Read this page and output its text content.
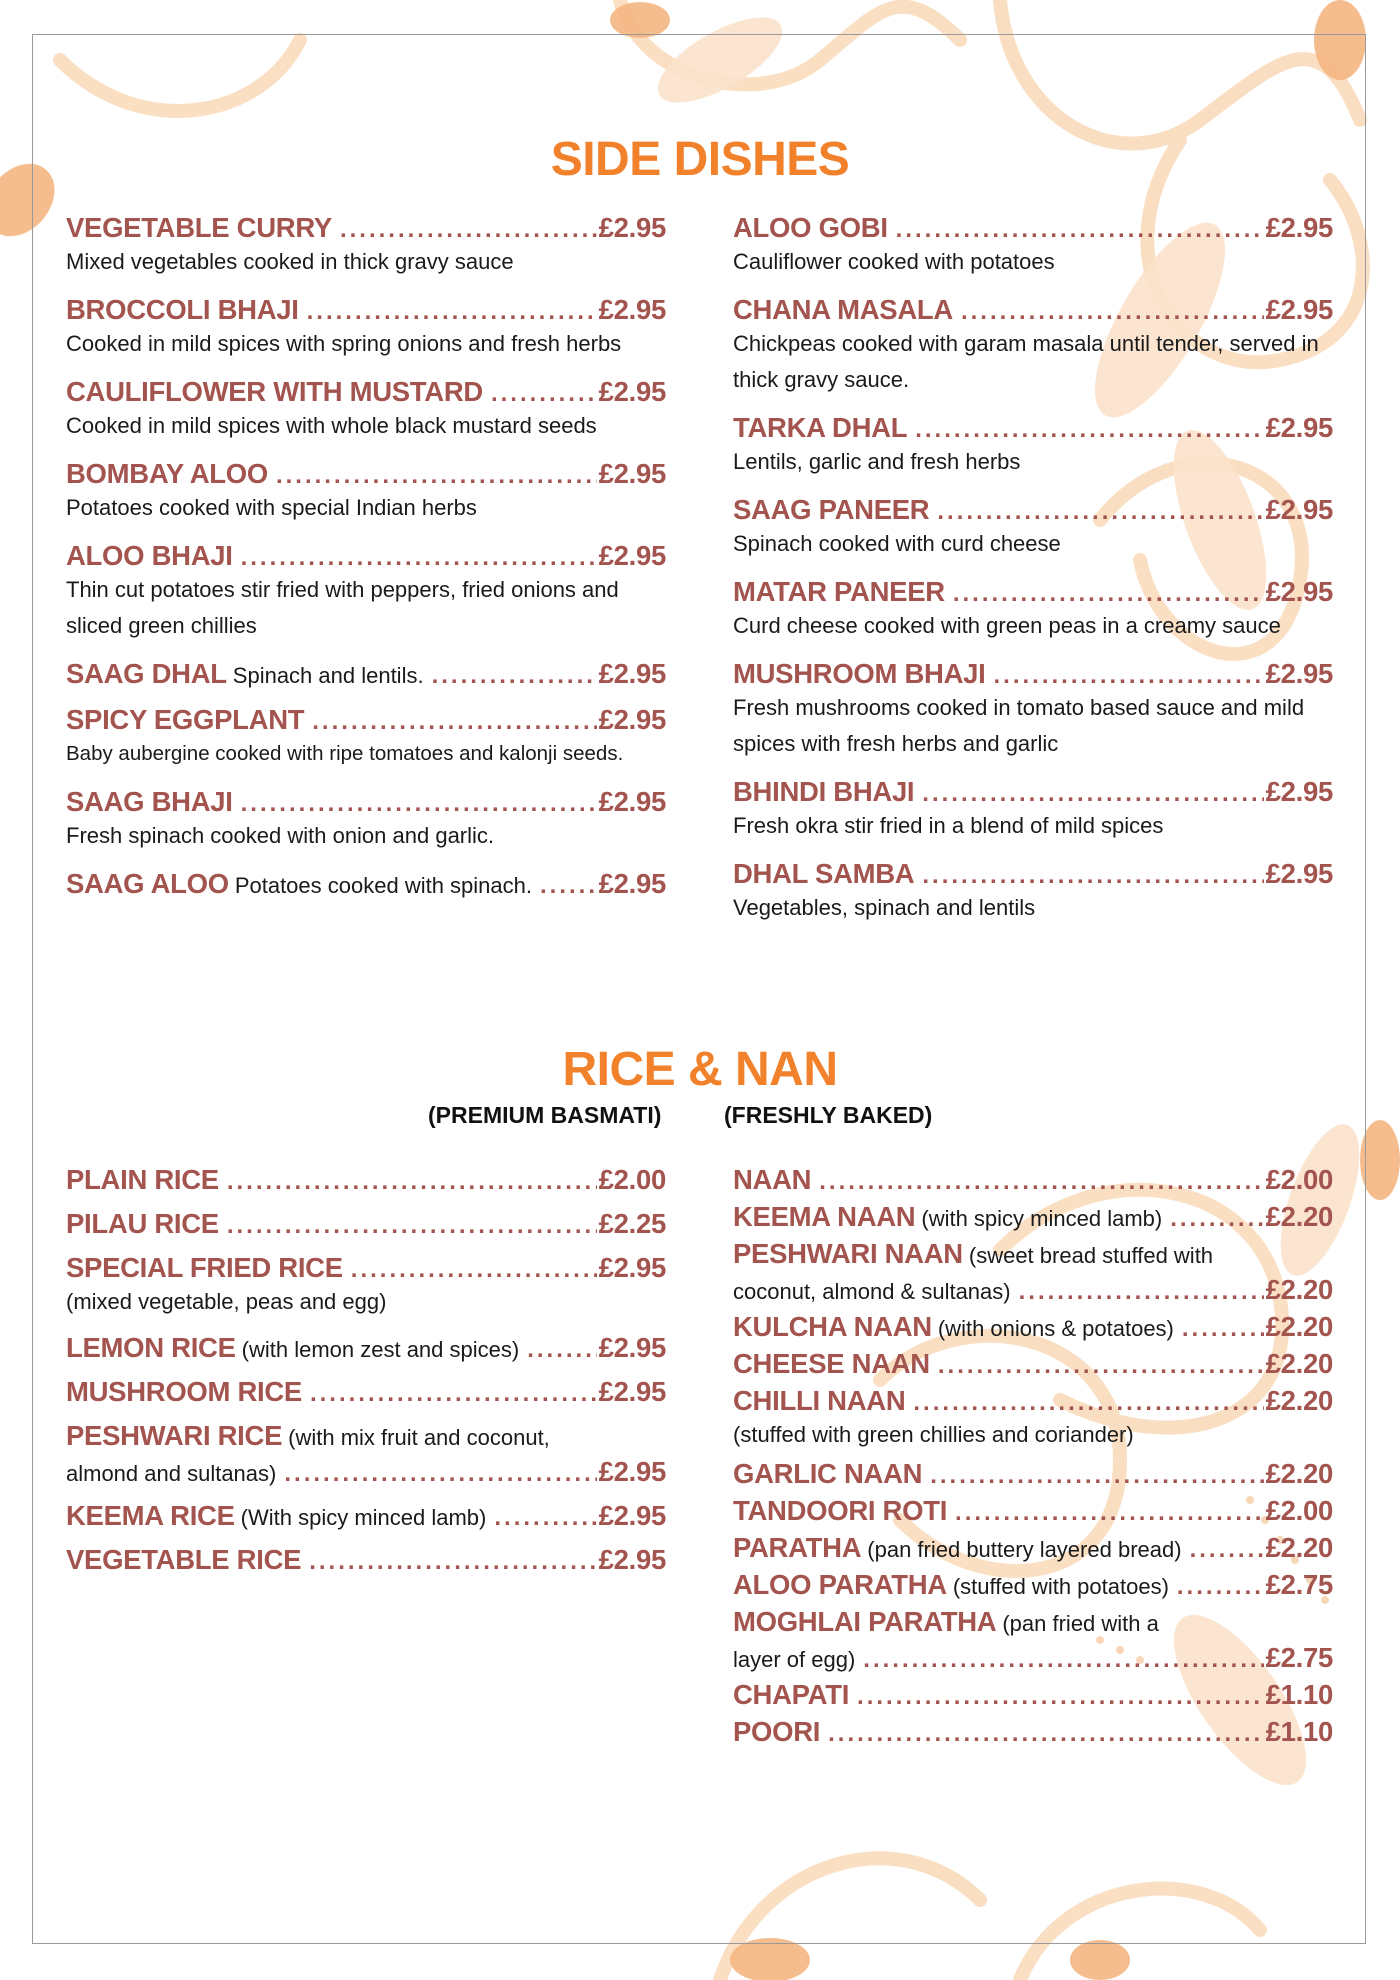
SIDE DISHES
VEGETABLE CURRY .....	£2.95
Mixed vegetables cooked in thick gravy sauce
BROCCOLI BHAJI .....	£2.95
Cooked in mild spices with spring onions and fresh herbs
CAULIFLOWER WITH MUSTARD .....	£2.95
Cooked in mild spices with whole black mustard seeds
BOMBAY ALOO .....	£2.95
Potatoes cooked with special Indian herbs
ALOO BHAJI .....	£2.95
Thin cut potatoes stir fried with peppers, fried onions and sliced green chillies
SAAG DHAL Spinach and lentils. .....	£2.95
SPICY EGGPLANT .....	£2.95
Baby aubergine cooked with ripe tomatoes and kalonji seeds.
SAAG BHAJI .....	£2.95
Fresh spinach cooked with onion and garlic.
SAAG ALOO Potatoes cooked with spinach. ..... £2.95
ALOO GOBI .....	£2.95
Cauliflower cooked with potatoes
CHANA MASALA .....	£2.95
Chickpeas cooked with garam masala until tender, served in thick gravy sauce.
TARKA DHAL .....	£2.95
Lentils, garlic and fresh herbs
SAAG PANEER .....	£2.95
Spinach cooked with curd cheese
MATAR PANEER .....	£2.95
Curd cheese cooked with green peas in a creamy sauce
MUSHROOM BHAJI .....	£2.95
Fresh mushrooms cooked in tomato based sauce and mild spices with fresh herbs and garlic
BHINDI BHAJI .....	£2.95
Fresh okra stir fried in a blend of mild spices
DHAL SAMBA .....	£2.95
Vegetables, spinach and lentils
RICE & NAN
(PREMIUM BASMATI)	(FRESHLY BAKED)
PLAIN RICE .....	£2.00
PILAU RICE .....	£2.25
SPECIAL FRIED RICE .....	£2.95
(mixed vegetable, peas and egg)
LEMON RICE (with lemon zest and spices) .....	£2.95
MUSHROOM RICE .....	£2.95
PESHWARI RICE (with mix fruit and coconut,
almond and sultanas) .....	£2.95
KEEMA RICE (With spicy minced lamb) .....	£2.95
VEGETABLE RICE .....	£2.95
NAAN .....	£2.00
KEEMA NAAN (with spicy minced lamb) .....	£2.20
PESHWARI NAAN (sweet bread stuffed with
coconut, almond & sultanas) .....	£2.20
KULCHA NAAN (with onions & potatoes) .....	£2.20
CHEESE NAAN .....	£2.20
CHILLI NAAN .....	£2.20
(stuffed with green chillies and coriander)
GARLIC NAAN .....	£2.20
TANDOORI ROTI .....	£2.00
PARATHA (pan fried buttery layered bread) .....	£2.20
ALOO PARATHA (stuffed with potatoes) .....	£2.75
MOGHLAI PARATHA (pan fried with a
layer of egg) .....	£2.75
CHAPATI .....	£1.10
POORI .....	£1.10
